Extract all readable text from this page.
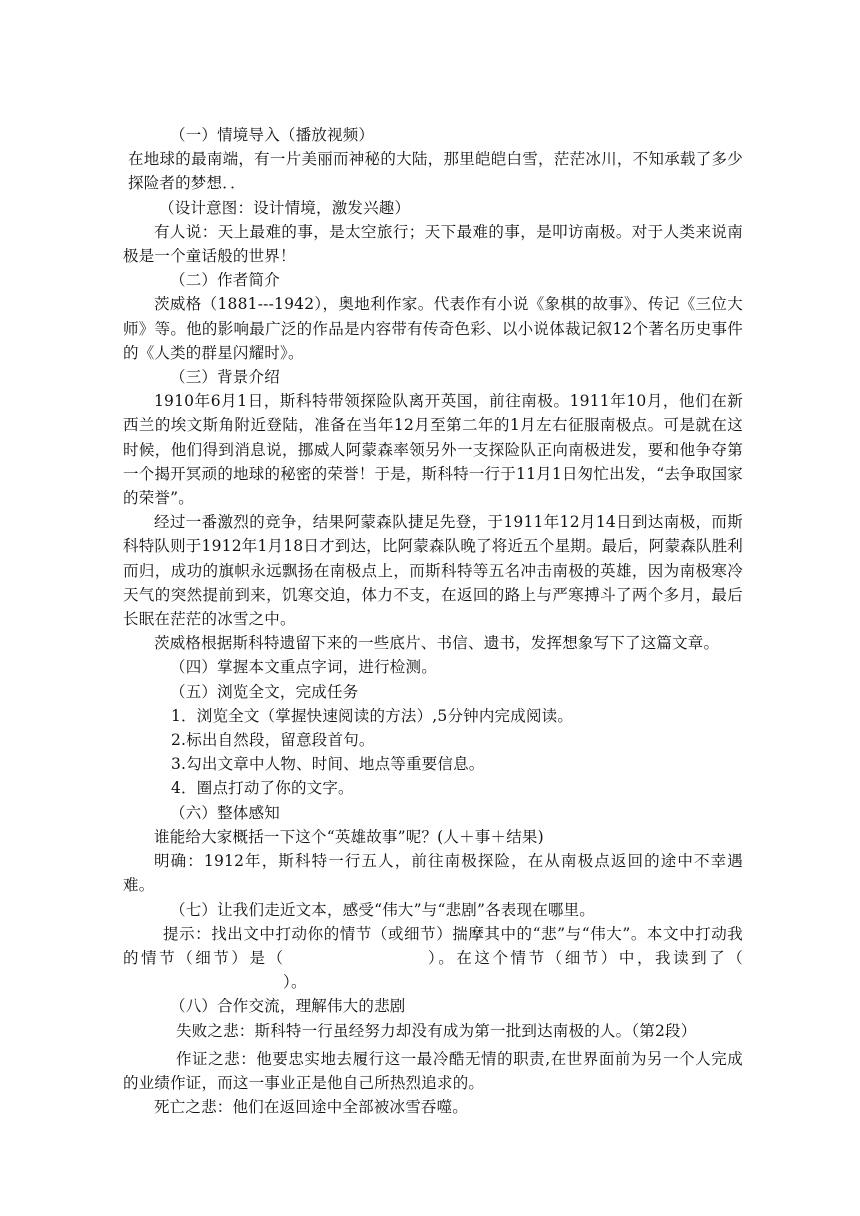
（一）情境导入（播放视频）

在地球的最南端，有一片美丽而神秘的大陆，那里皑皑白雪，茫茫冰川，不知承载了多少探险者的梦想．．

（设计意图：设计情境，激发兴趣）

有人说：天上最难的事，是太空旅行；天下最难的事，是叩访南极。对于人类来说南极是一个童话般的世界！

（二）作者简介

茨威格（1881---1942），奥地利作家。代表作有小说《象棋的故事》、传记《三位大师》等。他的影响最广泛的作品是内容带有传奇色彩、以小说体裁记叙12个著名历史事件的《人类的群星闪耀时》。

（三）背景介绍

1910年6月1日，斯科特带领探险队离开英国，前往南极。1911年10月，他们在新西兰的埃文斯角附近登陆，准备在当年12月至第二年的1月左右征服南极点。可是就在这时候，他们得到消息说，挪威人阿蒙森率领另外一支探险队正向南极进发，要和他争夺第一个揭开冥顽的地球的秘密的荣誉！于是，斯科特一行于11月1日匆忙出发，“去争取国家的荣誉”。

经过一番激烈的竞争，结果阿蒙森队捷足先登，于1911年12月14日到达南极，而斯科特队则于1912年1月18日才到达，比阿蒙森队晚了将近五个星期。最后，阿蒙森队胜利而归，成功的旗帜永远飘扬在南极点上，而斯科特等五名冲击南极的英雄，因为南极寒冷天气的突然提前到来，饥寒交迫，体力不支，在返回的路上与严寒搏斗了两个多月，最后长眠在茫茫的冰雪之中。

茨威格根据斯科特遗留下来的一些底片、书信、遗书，发挥想象写下了这篇文章。

（四）掌握本文重点字词，进行检测。

（五）浏览全文，完成任务

1．浏览全文（掌握快速阅读的方法）,5分钟内完成阅读。

2.标出自然段，留意段首句。

3.勾出文章中人物、时间、地点等重要信息。

4．圈点打动了你的文字。

（六）整体感知

谁能给大家概括一下这个“英雄故事”呢？(人＋事＋结果)

明确：1912年，斯科特一行五人，前往南极探险，在从南极点返回的途中不幸遇难。

（七）让我们走近文本，感受“伟大”与“悲剧”各表现在哪里。

提示：找出文中打动你的情节（或细节）揣摩其中的“悲”与“伟大”。本文中打动我的情节（细节）是（	）。在这个情节（细节）中，我读到了（）。

（八）合作交流，理解伟大的悲剧

失败之悲：斯科特一行虽经努力却没有成为第一批到达南极的人。（第2段）

作证之悲：他要忠实地去履行这一最冷酷无情的职责,在世界面前为另一个人完成的业绩作证，而这一事业正是他自己所热烈追求的。

死亡之悲：他们在返回途中全部被冰雪吞噬。
